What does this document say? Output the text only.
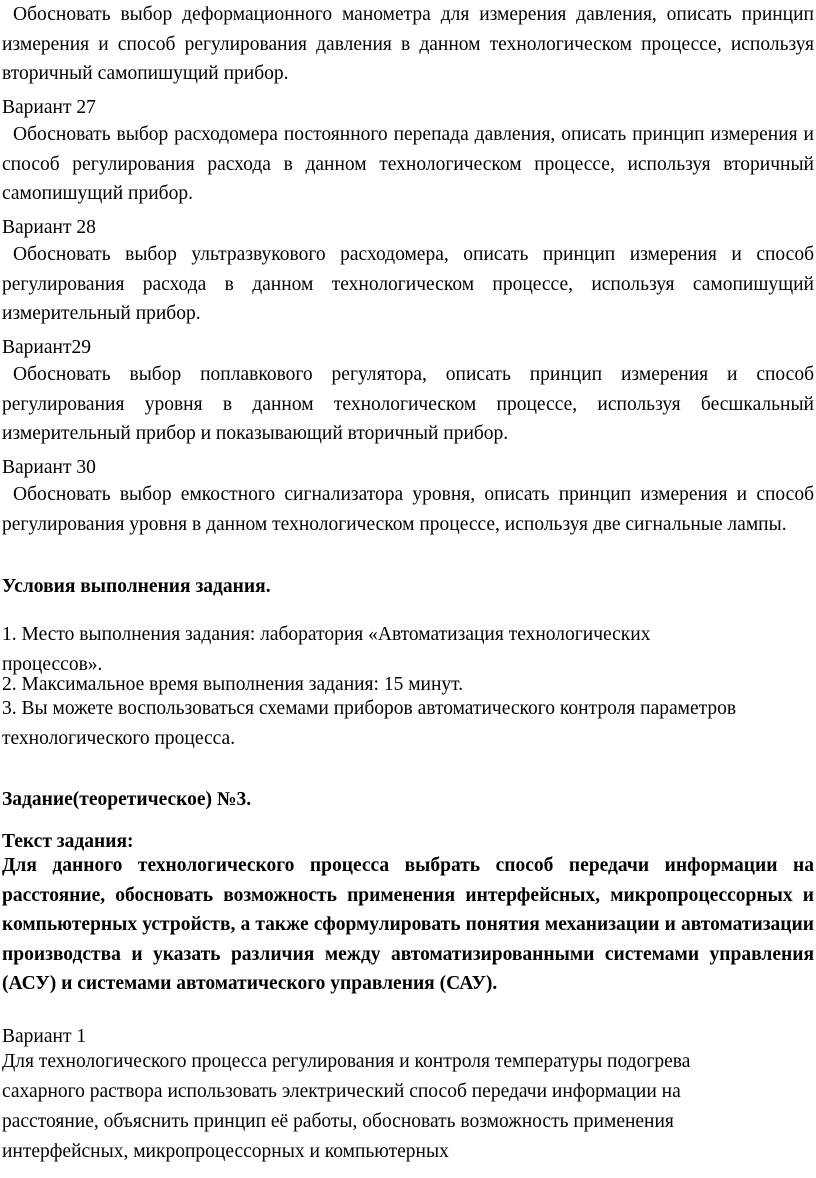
Обосновать выбор деформационного манометра для измерения давления, описать принцип измерения и способ регулирования давления в данном технологическом процессе, используя вторичный самопишущий прибор.
Вариант 27
Обосновать выбор расходомера постоянного перепада давления, описать принцип измерения и способ регулирования расхода в данном технологическом процессе, используя вторичный самопишущий прибор.
Вариант 28
Обосновать выбор ультразвукового расходомера, описать принцип измерения и способ регулирования расхода в данном технологическом процессе, используя самопишущий измерительный прибор.
Вариант29
Обосновать выбор поплавкового регулятора, описать принцип измерения и способ регулирования уровня в данном технологическом процессе, используя бесшкальный измерительный прибор и показывающий вторичный прибор.
Вариант 30
Обосновать выбор емкостного сигнализатора уровня, описать принцип измерения и способ регулирования уровня в данном технологическом процессе, используя две сигнальные лампы.
Условия выполнения задания.
1. Место выполнения задания: лаборатория «Автоматизация технологических процессов».
2. Максимальное время выполнения задания: 15 минут.
3. Вы можете воспользоваться схемами приборов автоматического контроля параметров технологического процесса.
Задание(теоретическое) №3.
Текст задания:
Для данного технологического процесса выбрать способ передачи информации на расстояние, обосновать возможность применения интерфейсных, микропроцессорных и компьютерных устройств, а также сформулировать понятия механизации и автоматизации производства и указать различия между автоматизированными системами управления (АСУ) и системами автоматического управления (САУ).
Вариант 1
Для технологического процесса регулирования и контроля температуры подогрева
сахарного раствора использовать электрический способ передачи информации на
расстояние, объяснить принцип её работы, обосновать возможность применения
интерфейсных, микропроцессорных и компьютерных
